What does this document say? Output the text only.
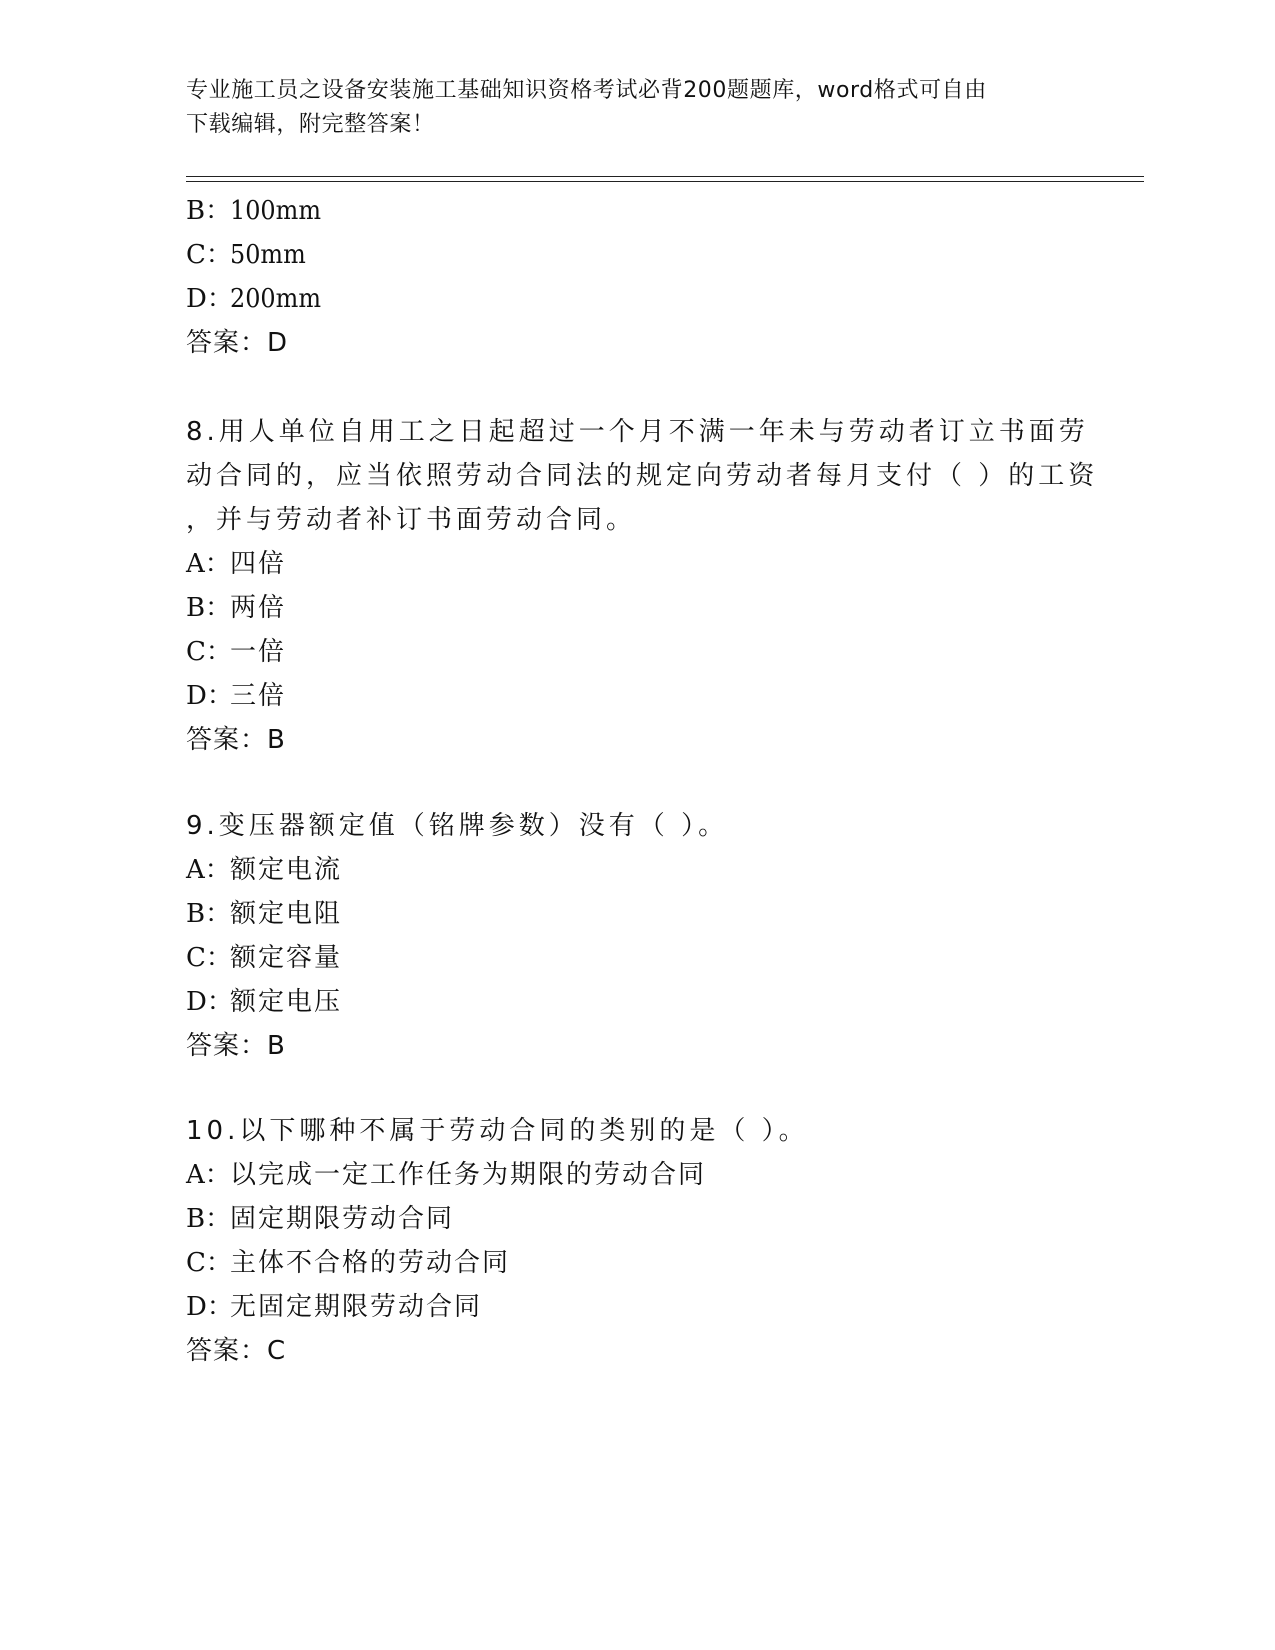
专业施工员之设备安装施工基础知识资格考试必背200题题库，word格式可自由
下载编辑，附完整答案！
B：100mm
C：50mm
D：200mm
答案：D
8.用人单位自用工之日起超过一个月不满一年未与劳动者订立书面劳
动合同的，应当依照劳动合同法的规定向劳动者每月支付（ ）的工资
，并与劳动者补订书面劳动合同。
A：四倍
B：两倍
C：一倍
D：三倍
答案：B
9.变压器额定值（铭牌参数）没有（ ）。
A：额定电流
B：额定电阻
C：额定容量
D：额定电压
答案：B
10.以下哪种不属于劳动合同的类别的是（ ）。
A：以完成一定工作任务为期限的劳动合同
B：固定期限劳动合同
C：主体不合格的劳动合同
D：无固定期限劳动合同
答案：C
